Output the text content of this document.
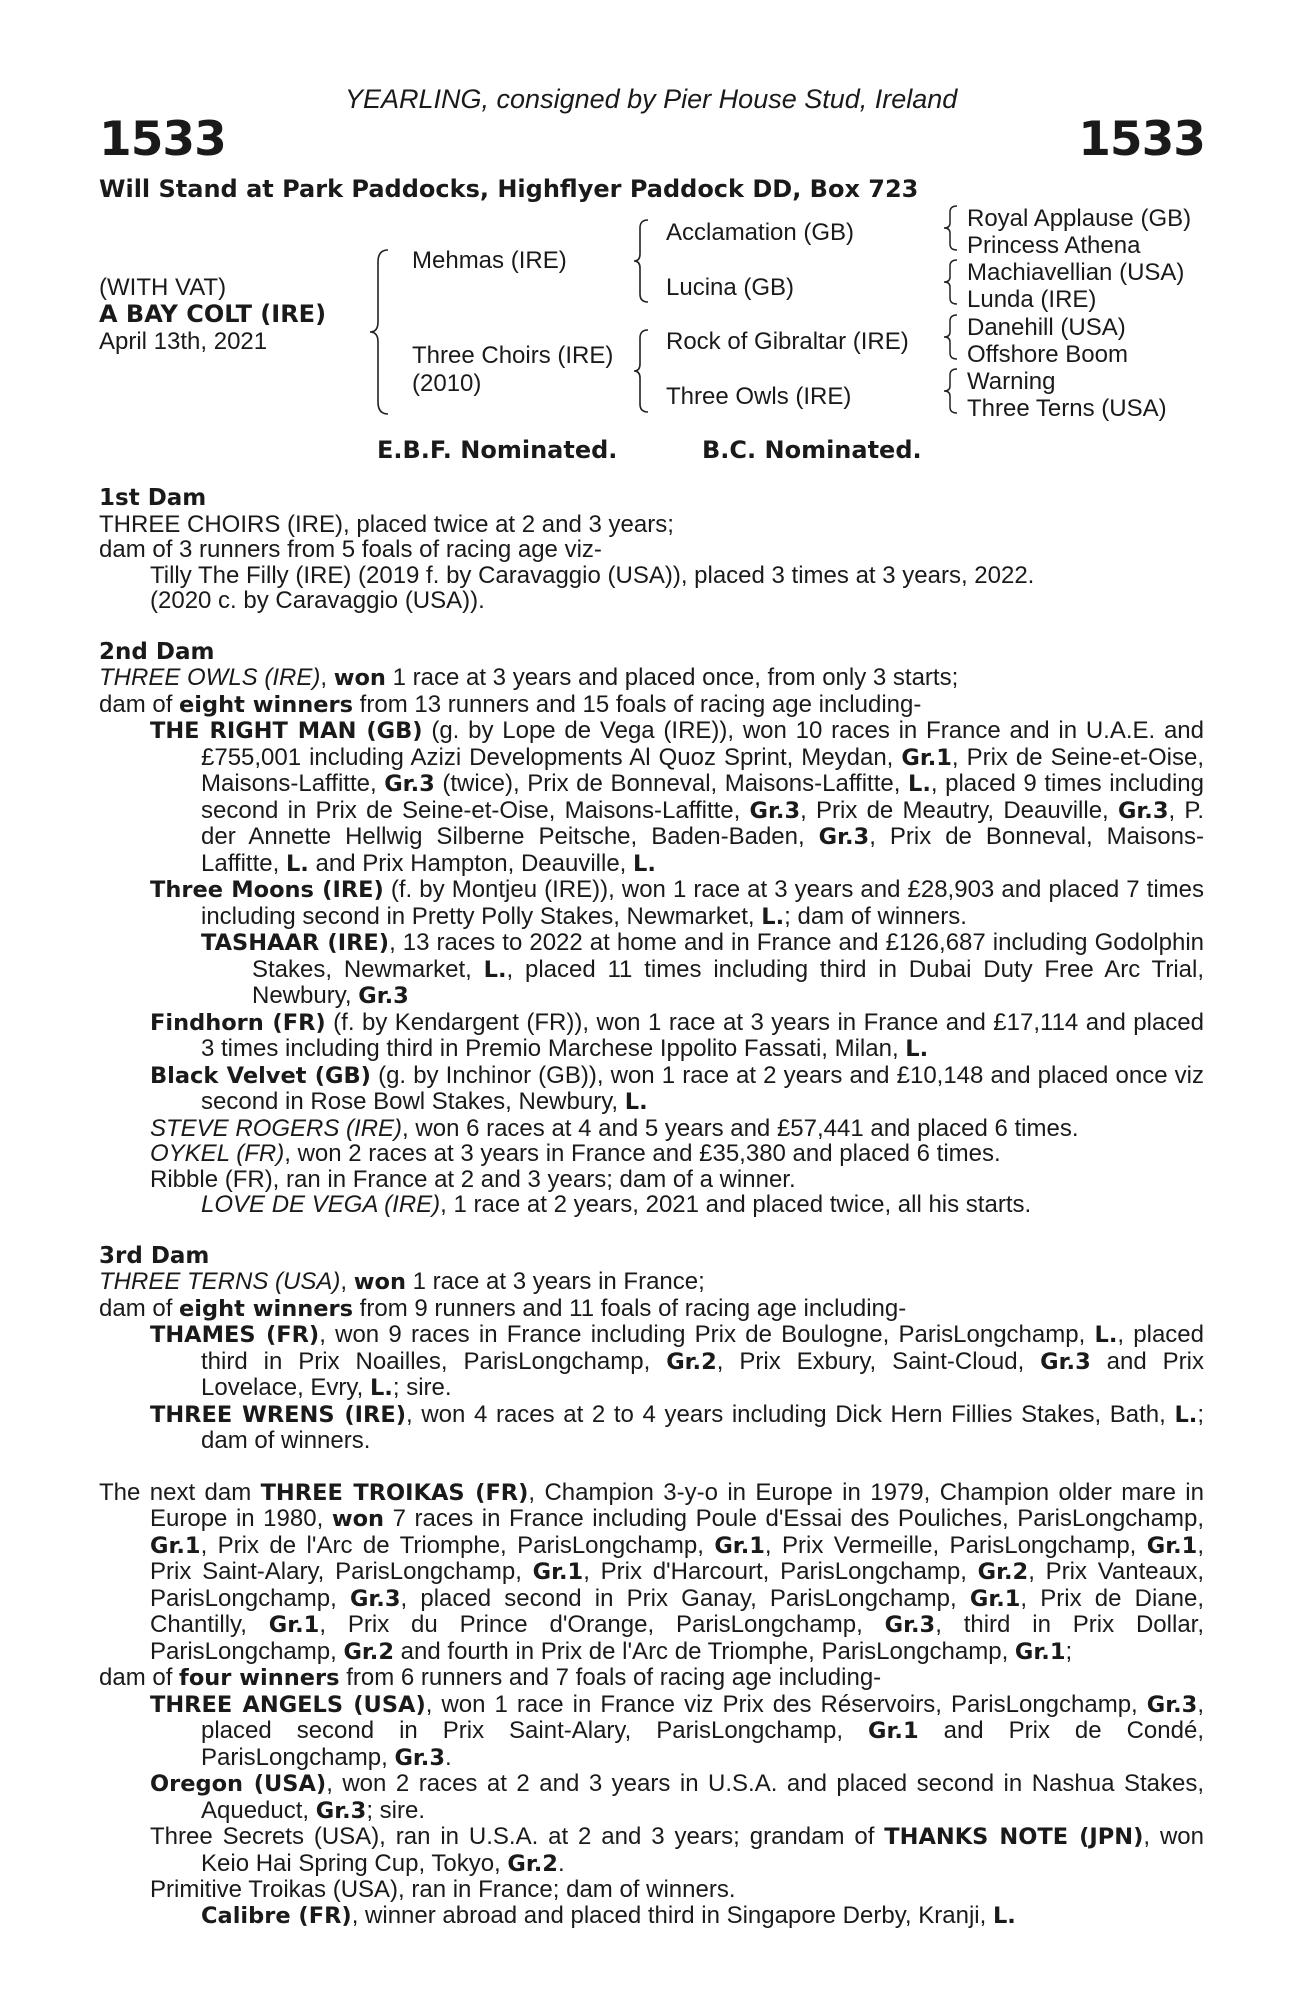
YEARLING, consigned by Pier House Stud, Ireland
1533	1533
Will Stand at Park Paddocks, Highflyer Paddock DD, Box 723
(WITH VAT)
A BAY COLT (IRE)
April 13th, 2021
Mehmas (IRE)
Three Choirs (IRE)
(2010)
Acclamation (GB)
Lucina (GB)
Rock of Gibraltar (IRE)
Three Owls (IRE)
Royal Applause (GB)
Princess Athena
Machiavellian (USA)
Lunda (IRE)
Danehill (USA)
Offshore Boom
Warning
Three Terns (USA)
E.B.F. Nominated.	B.C. Nominated.

1st Dam

THREE CHOIRS (IRE), placed twice at 2 and 3 years;

dam of 3 runners from 5 foals of racing age viz-

Tilly The Filly (IRE) (2019 f. by Caravaggio (USA)), placed 3 times at 3 years, 2022.

(2020 c. by Caravaggio (USA)).

2nd Dam

THREE OWLS (IRE), won 1 race at 3 years and placed once, from only 3 starts;

dam of eight winners from 13 runners and 15 foals of racing age including-

THE RIGHT MAN (GB) (g. by Lope de Vega (IRE)), won 10 races in France and in U.A.E. and £755,001 including Azizi Developments Al Quoz Sprint, Meydan, Gr.1, Prix de Seine-et-Oise, Maisons-Laffitte, Gr.3 (twice), Prix de Bonneval, Maisons-Laffitte, L., placed 9 times including second in Prix de Seine-et-Oise, Maisons-Laffitte, Gr.3, Prix de Meautry, Deauville, Gr.3, P. der Annette Hellwig Silberne Peitsche, Baden-Baden, Gr.3, Prix de Bonneval, Maisons-Laffitte, L. and Prix Hampton, Deauville, L.

Three Moons (IRE) (f. by Montjeu (IRE)), won 1 race at 3 years and £28,903 and placed 7 times including second in Pretty Polly Stakes, Newmarket, L.; dam of winners.

TASHAAR (IRE), 13 races to 2022 at home and in France and £126,687 including Godolphin Stakes, Newmarket, L., placed 11 times including third in Dubai Duty Free Arc Trial, Newbury, Gr.3

Findhorn (FR) (f. by Kendargent (FR)), won 1 race at 3 years in France and £17,114 and placed 3 times including third in Premio Marchese Ippolito Fassati, Milan, L.

Black Velvet (GB) (g. by Inchinor (GB)), won 1 race at 2 years and £10,148 and placed once viz second in Rose Bowl Stakes, Newbury, L.

STEVE ROGERS (IRE), won 6 races at 4 and 5 years and £57,441 and placed 6 times.

OYKEL (FR), won 2 races at 3 years in France and £35,380 and placed 6 times.

Ribble (FR), ran in France at 2 and 3 years; dam of a winner.

LOVE DE VEGA (IRE), 1 race at 2 years, 2021 and placed twice, all his starts.

3rd Dam

THREE TERNS (USA), won 1 race at 3 years in France;

dam of eight winners from 9 runners and 11 foals of racing age including-

THAMES (FR), won 9 races in France including Prix de Boulogne, ParisLongchamp, L., placed third in Prix Noailles, ParisLongchamp, Gr.2, Prix Exbury, Saint-Cloud, Gr.3 and Prix Lovelace, Evry, L.; sire.

THREE WRENS (IRE), won 4 races at 2 to 4 years including Dick Hern Fillies Stakes, Bath, L.; dam of winners.

The next dam THREE TROIKAS (FR), Champion 3-y-o in Europe in 1979, Champion older mare in Europe in 1980, won 7 races in France including Poule d'Essai des Pouliches, ParisLongchamp, Gr.1, Prix de l'Arc de Triomphe, ParisLongchamp, Gr.1, Prix Vermeille, ParisLongchamp, Gr.1, Prix Saint-Alary, ParisLongchamp, Gr.1, Prix d'Harcourt, ParisLongchamp, Gr.2, Prix Vanteaux, ParisLongchamp, Gr.3, placed second in Prix Ganay, ParisLongchamp, Gr.1, Prix de Diane, Chantilly, Gr.1, Prix du Prince d'Orange, ParisLongchamp, Gr.3, third in Prix Dollar, ParisLongchamp, Gr.2 and fourth in Prix de l'Arc de Triomphe, ParisLongchamp, Gr.1;

dam of four winners from 6 runners and 7 foals of racing age including-

THREE ANGELS (USA), won 1 race in France viz Prix des Réservoirs, ParisLongchamp, Gr.3, placed second in Prix Saint-Alary, ParisLongchamp, Gr.1 and Prix de Condé, ParisLongchamp, Gr.3.

Oregon (USA), won 2 races at 2 and 3 years in U.S.A. and placed second in Nashua Stakes, Aqueduct, Gr.3; sire.

Three Secrets (USA), ran in U.S.A. at 2 and 3 years; grandam of THANKS NOTE (JPN), won Keio Hai Spring Cup, Tokyo, Gr.2.

Primitive Troikas (USA), ran in France; dam of winners.

Calibre (FR), winner abroad and placed third in Singapore Derby, Kranji, L.
